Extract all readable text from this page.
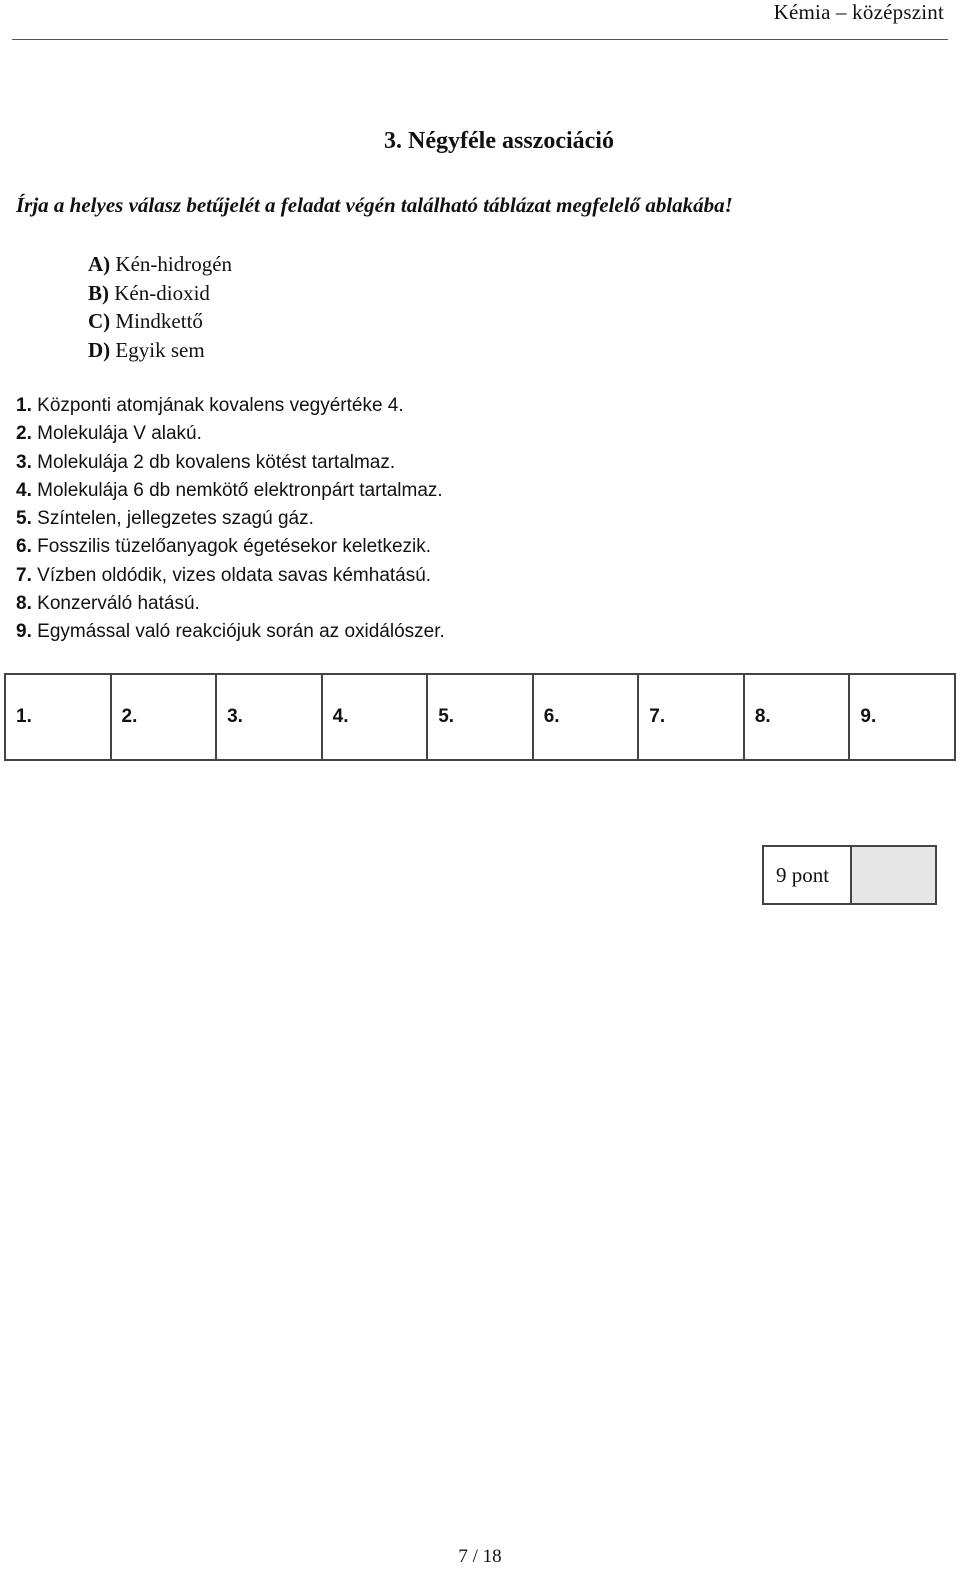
Kémia – középszint
3. Négyféle asszociáció
Írja a helyes válasz betűjelét a feladat végén található táblázat megfelelő ablakába!
A) Kén-hidrogén
B) Kén-dioxid
C) Mindkettő
D) Egyik sem
1. Központi atomjának kovalens vegyértéke 4.
2. Molekulája V alakú.
3. Molekulája 2 db kovalens kötést tartalmaz.
4. Molekulája 6 db nemkötő elektronpárt tartalmaz.
5. Színtelen, jellegzetes szagú gáz.
6. Fosszilis tüzelőanyagok égetésekor keletkezik.
7. Vízben oldódik, vizes oldata savas kémhatású.
8. Konzerváló hatású.
9. Egymással való reakciójuk során az oxidálószer.
1.	2.	3.	4.	5.	6.	7.	8.	9.
9 pont
7 / 18
